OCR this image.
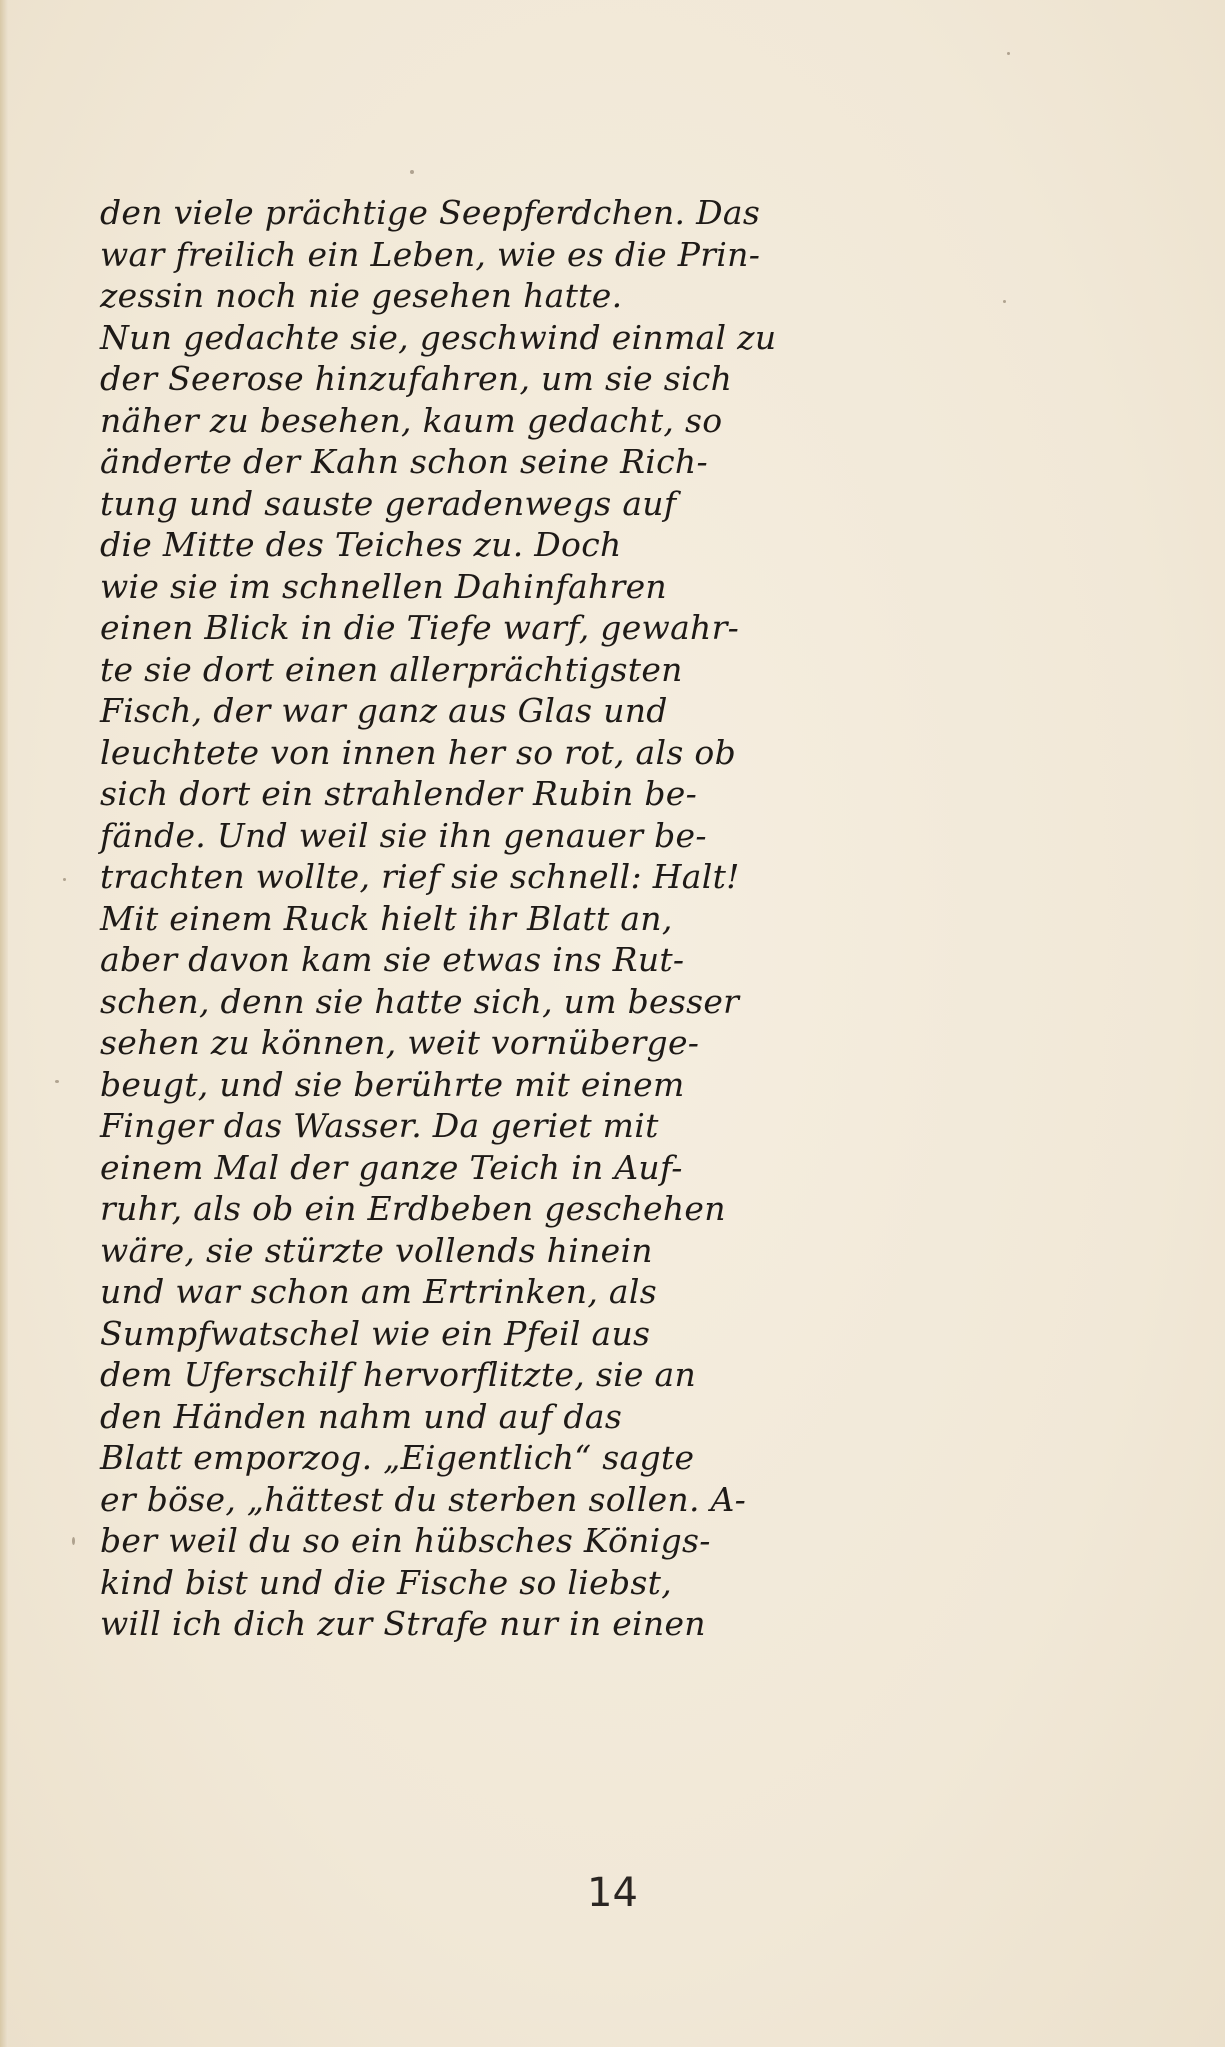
den viele prächtige Seepferdchen. Das
war freilich ein Leben, wie es die Prin-
zessin noch nie gesehen hatte.
Nun gedachte sie, geschwind einmal zu
der Seerose hinzufahren, um sie sich
näher zu besehen, kaum gedacht, so
änderte der Kahn schon seine Rich-
tung und sauste geradenwegs auf
die Mitte des Teiches zu. Doch
wie sie im schnellen Dahinfahren
einen Blick in die Tiefe warf, gewahr-
te sie dort einen allerprächtigsten
Fisch, der war ganz aus Glas und
leuchtete von innen her so rot, als ob
sich dort ein strahlender Rubin be-
fände. Und weil sie ihn genauer be-
trachten wollte, rief sie schnell: Halt!
Mit einem Ruck hielt ihr Blatt an,
aber davon kam sie etwas ins Rut-
schen, denn sie hatte sich, um besser
sehen zu können, weit vornübergе-
beugt, und sie berührte mit einem
Finger das Wasser. Da geriet mit
einem Mal der ganze Teich in Auf-
ruhr, als ob ein Erdbeben geschehen
wäre, sie stürzte vollends hinein
und war schon am Ertrinken, als
Sumpfwatschel wie ein Pfeil aus
dem Uferschilf hervorflitzte, sie an
den Händen nahm und auf das
Blatt emporzog. „Eigentlich“ sagte
er böse, „hättest du sterben sollen. A-
ber weil du so ein hübsches Königs-
kind bist und die Fische so liebst,
will ich dich zur Strafe nur in einen
14
